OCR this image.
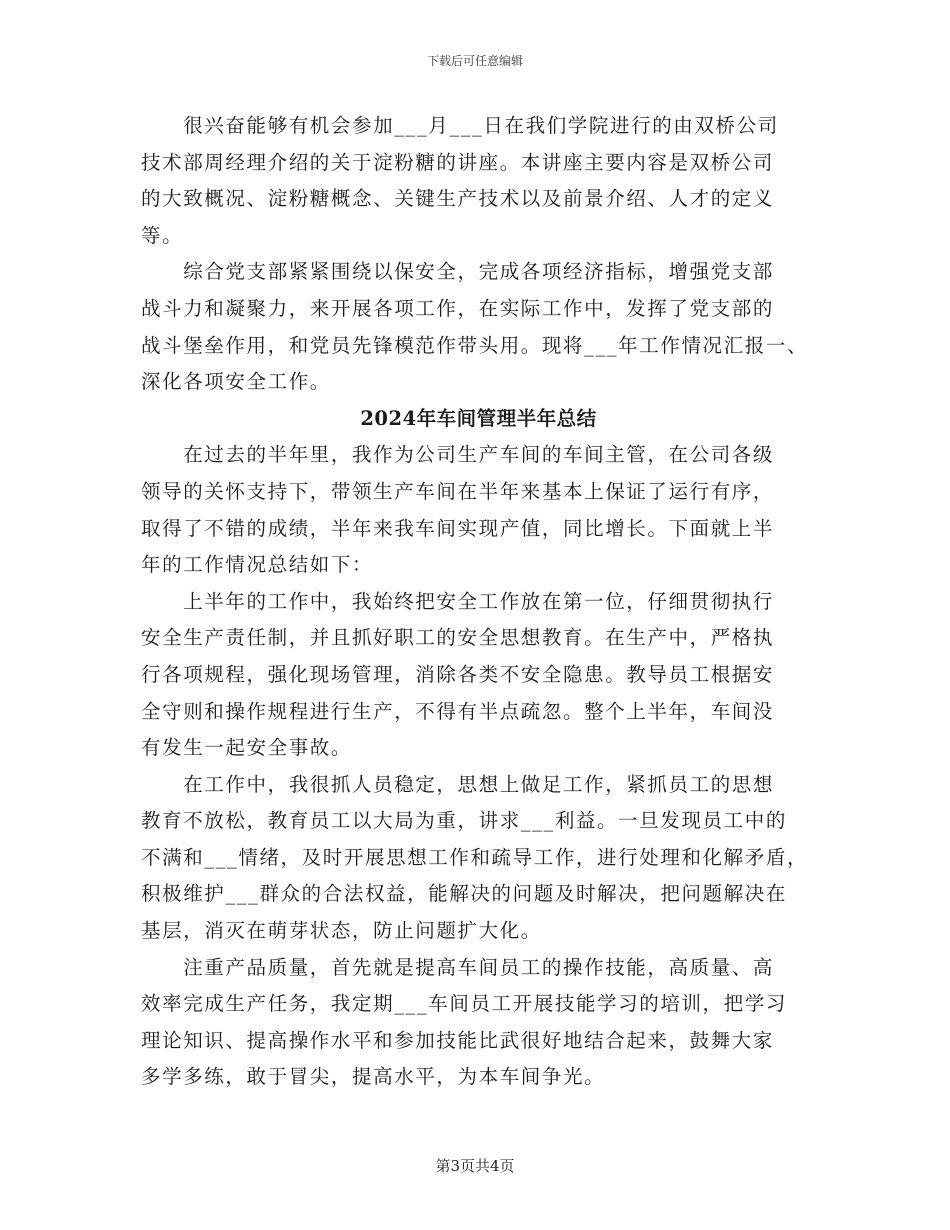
下载后可任意编辑

　　很兴奋能够有机会参加___月___日在我们学院进行的由双桥公司
技术部周经理介绍的关于淀粉糖的讲座。本讲座主要内容是双桥公司
的大致概况、淀粉糖概念、关键生产技术以及前景介绍、人才的定义
等。

　　综合党支部紧紧围绕以保安全，完成各项经济指标，增强党支部
战斗力和凝聚力，来开展各项工作，在实际工作中，发挥了党支部的
战斗堡垒作用，和党员先锋模范作带头用。现将___年工作情况汇报一、
深化各项安全工作。

2024年车间管理半年总结

　　在过去的半年里，我作为公司生产车间的车间主管，在公司各级
领导的关怀支持下，带领生产车间在半年来基本上保证了运行有序，
取得了不错的成绩，半年来我车间实现产值，同比增长。下面就上半
年的工作情况总结如下：

　　上半年的工作中，我始终把安全工作放在第一位，仔细贯彻执行
安全生产责任制，并且抓好职工的安全思想教育。在生产中，严格执
行各项规程，强化现场管理，消除各类不安全隐患。教导员工根据安
全守则和操作规程进行生产，不得有半点疏忽。整个上半年，车间没
有发生一起安全事故。

　　在工作中，我很抓人员稳定，思想上做足工作，紧抓员工的思想
教育不放松，教育员工以大局为重，讲求___利益。一旦发现员工中的
不满和___情绪，及时开展思想工作和疏导工作，进行处理和化解矛盾，
积极维护___群众的合法权益，能解决的问题及时解决，把问题解决在
基层，消灭在萌芽状态，防止问题扩大化。

　　注重产品质量，首先就是提高车间员工的操作技能，高质量、高
效率完成生产任务，我定期___车间员工开展技能学习的培训，把学习
理论知识、提高操作水平和参加技能比武很好地结合起来，鼓舞大家
多学多练，敢于冒尖，提高水平，为本车间争光。

第3页共4页
